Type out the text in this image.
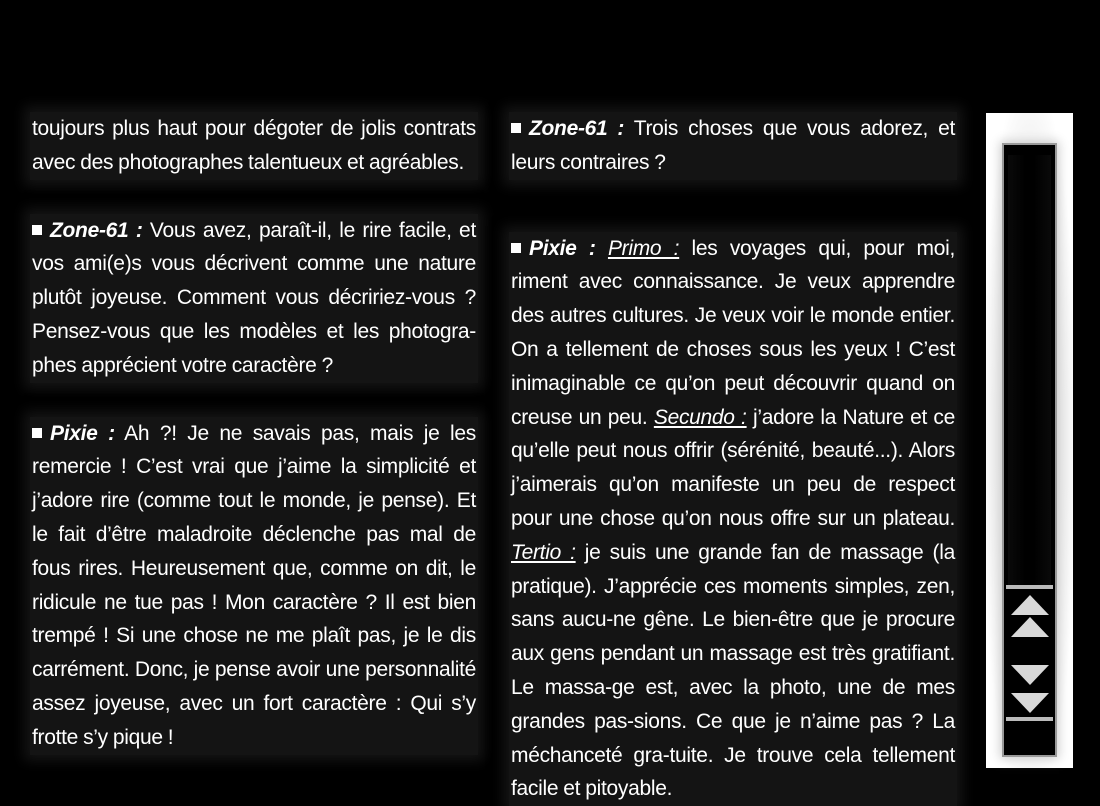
toujours plus haut pour dégoter de jolis contrats avec des photographes talentueux et agréables.

Zone-61 : Vous avez, paraît-il, le rire facile, et vos ami(e)s vous décrivent comme une nature plutôt joyeuse. Comment vous décririez-vous ? Pensez-vous que les modèles et les photogra-phes apprécient votre caractère ?

Pixie : Ah ?! Je ne savais pas, mais je les remercie ! C’est vrai que j’aime la simplicité et j’adore rire (comme tout le monde, je pense). Et le fait d’être maladroite déclenche pas mal de fous rires. Heureusement que, comme on dit, le ridicule ne tue pas ! Mon caractère ? Il est bien trempé ! Si une chose ne me plaît pas, je le dis carrément. Donc, je pense avoir une personnalité assez joyeuse, avec un fort caractère : Qui s’y frotte s’y pique !

Zone-61 : Trois choses que vous adorez, et leurs contraires ?

Pixie : Primo : les voyages qui, pour moi, riment avec connaissance. Je veux apprendre des autres cultures. Je veux voir le monde entier. On a tellement de choses sous les yeux ! C’est inimaginable ce qu’on peut découvrir quand on creuse un peu. Secundo : j’adore la Nature et ce qu’elle peut nous offrir (sérénité, beauté...). Alors j’aimerais qu’on manifeste un peu de respect pour une chose qu’on nous offre sur un plateau. Tertio : je suis une grande fan de massage (la pratique). J’apprécie ces moments simples, zen, sans aucu-ne gêne. Le bien-être que je procure aux gens pendant un massage est très gratifiant. Le massa-ge est, avec la photo, une de mes grandes pas-sions. Ce que je n’aime pas ? La méchanceté gra-tuite. Je trouve cela tellement facile et pitoyable.
